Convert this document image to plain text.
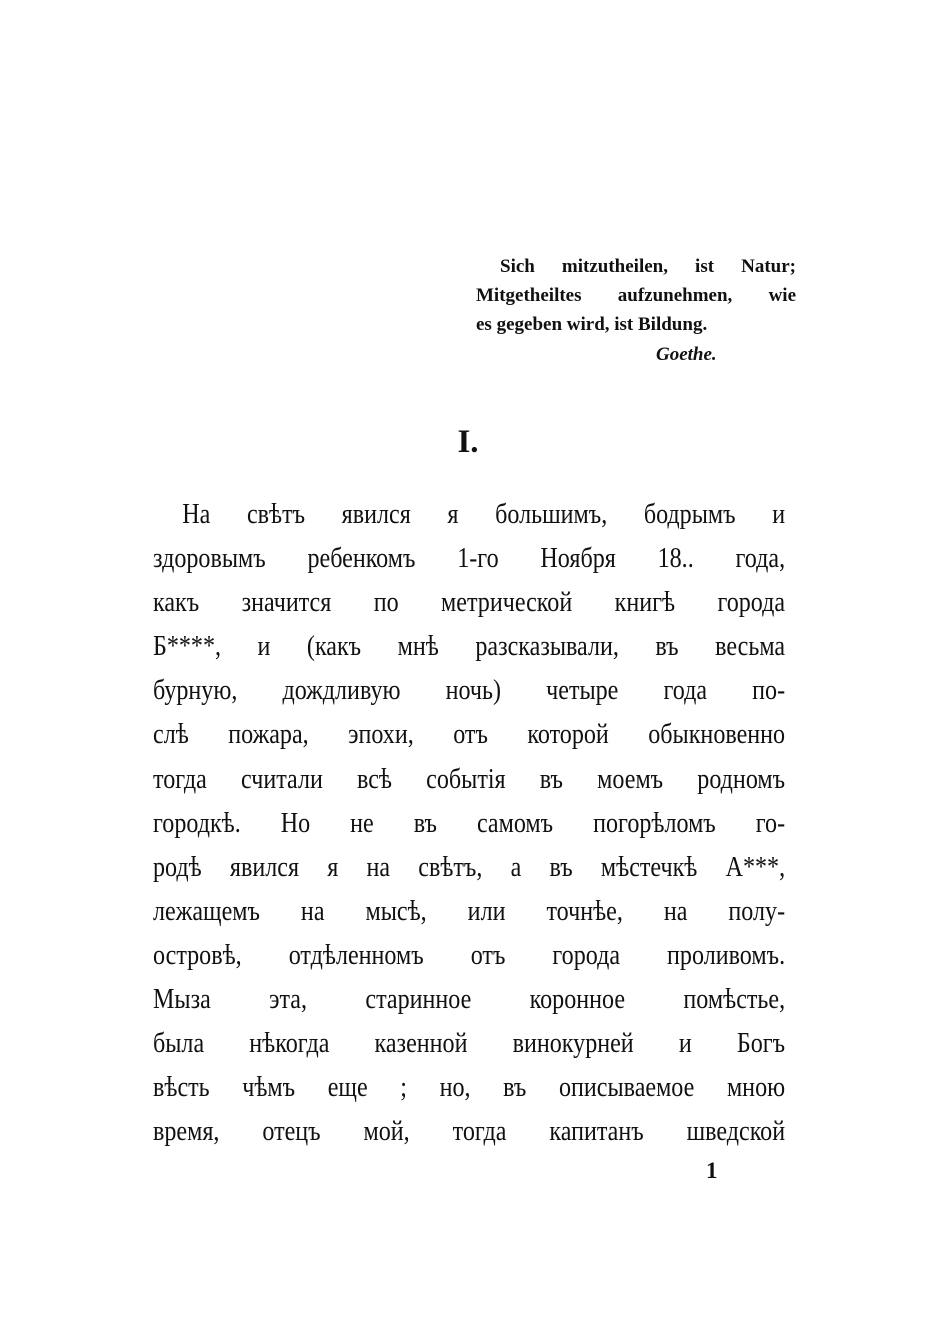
Sich mitzutheilen, ist Natur;
Mitgetheiltes aufzunehmen, wie
es gegeben wird, ist Bildung.
Goethe.
I.
На свѣтъ явился я большимъ, бодрымъ и
здоровымъ ребенкомъ 1-го Ноября 18.. года,
какъ значится по метрической книгѣ города
Б****, и (какъ мнѣ разсказывали, въ весьма
бурную, дождливую ночь) четыре года по-
слѣ пожара, эпохи, отъ которой обыкновенно
тогда считали всѣ событія въ моемъ родномъ
городкѣ. Но не въ самомъ погорѣломъ го-
родѣ явился я на свѣтъ, а въ мѣстечкѣ А***,
лежащемъ на мысѣ, или точнѣе, на полу-
островѣ, отдѣленномъ отъ города проливомъ.
Мыза эта, старинное коронное помѣстье,
была нѣкогда казенной винокурней и Богъ
вѣсть чѣмъ еще ; но, въ описываемое мною
время, отецъ мой, тогда капитанъ шведской
1
